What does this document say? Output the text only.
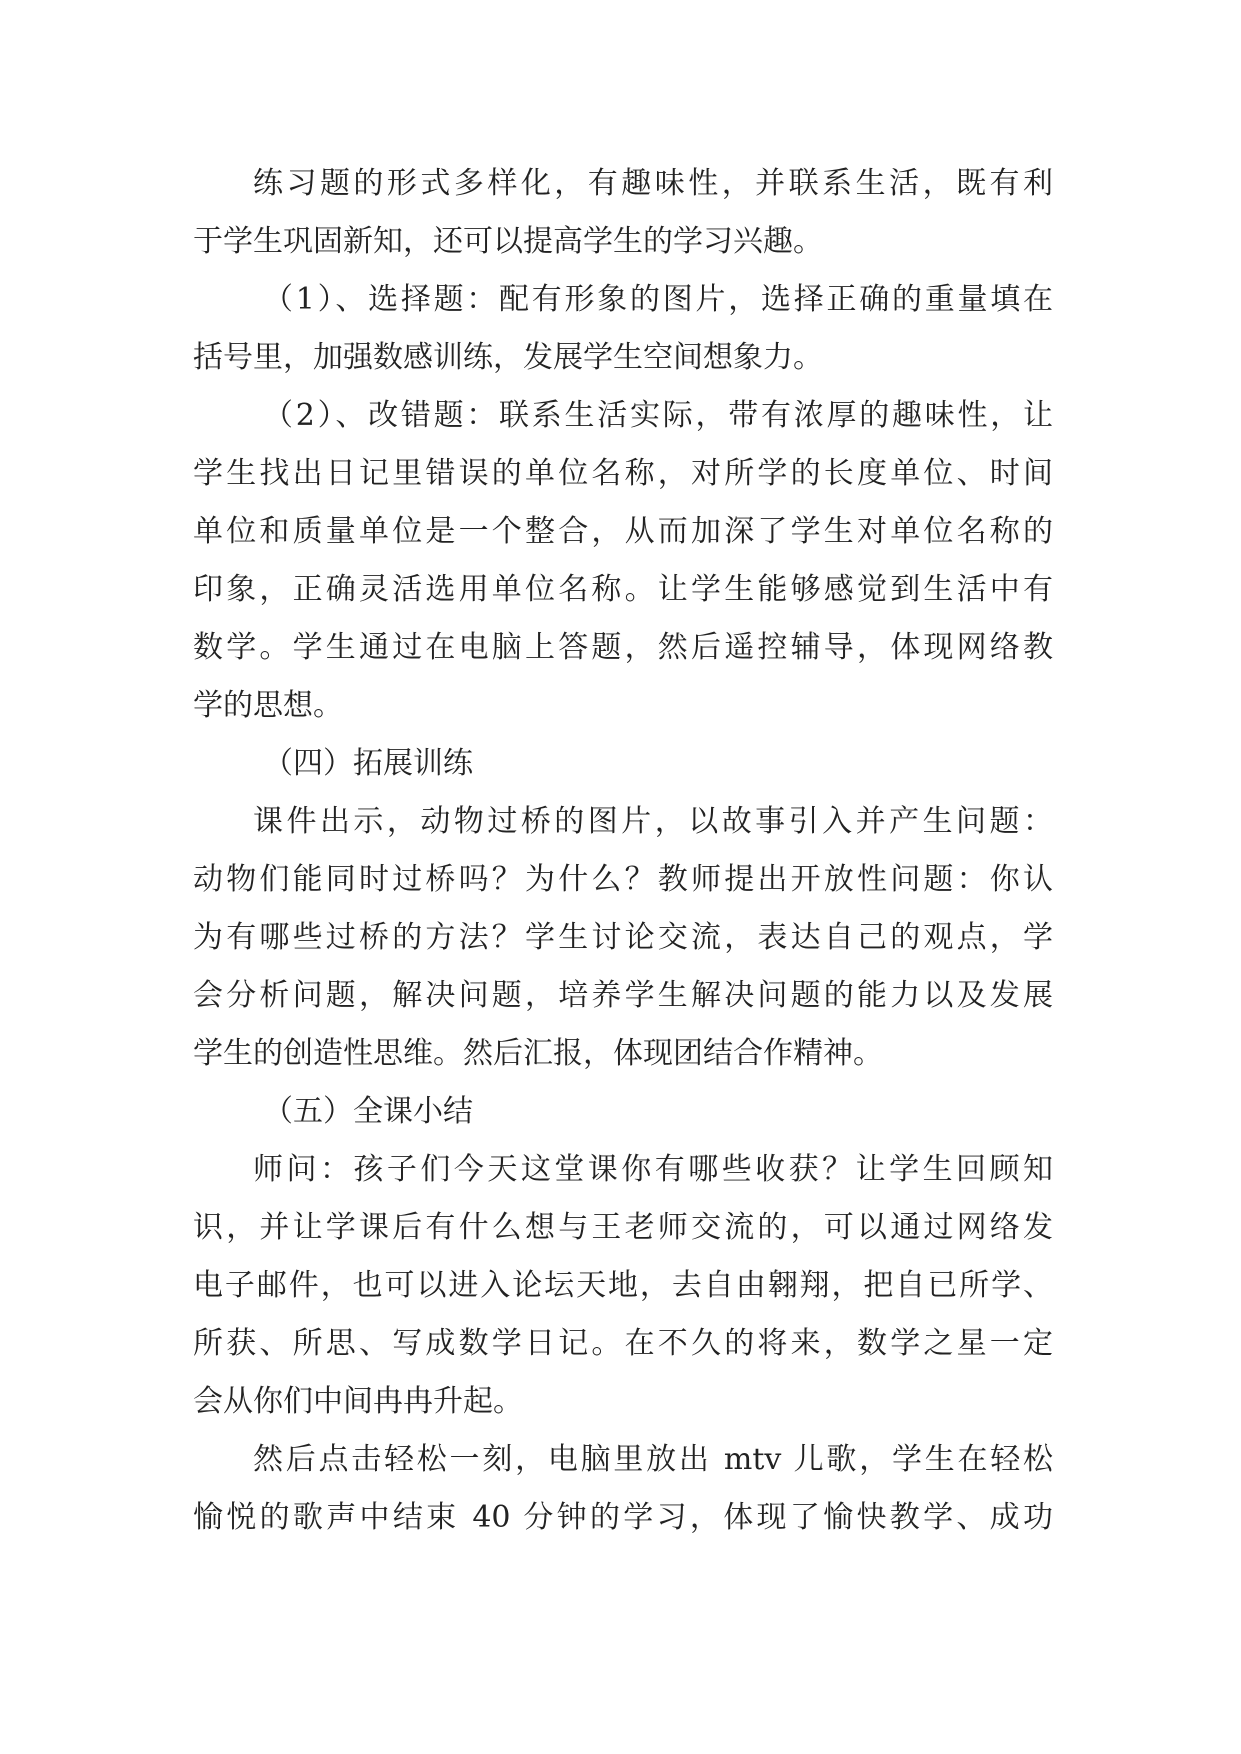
练习题的形式多样化，有趣味性，并联系生活，既有利
于学生巩固新知，还可以提高学生的学习兴趣。
（1）、选择题：配有形象的图片，选择正确的重量填在
括号里，加强数感训练，发展学生空间想象力。
（2）、改错题：联系生活实际，带有浓厚的趣味性，让
学生找出日记里错误的单位名称，对所学的长度单位、时间
单位和质量单位是一个整合，从而加深了学生对单位名称的
印象，正确灵活选用单位名称。让学生能够感觉到生活中有
数学。学生通过在电脑上答题，然后遥控辅导，体现网络教
学的思想。
（四）拓展训练
课件出示，动物过桥的图片，以故事引入并产生问题：
动物们能同时过桥吗？为什么？教师提出开放性问题：你认
为有哪些过桥的方法？学生讨论交流，表达自己的观点，学
会分析问题，解决问题，培养学生解决问题的能力以及发展
学生的创造性思维。然后汇报，体现团结合作精神。
（五）全课小结
师问：孩子们今天这堂课你有哪些收获？让学生回顾知
识，并让学课后有什么想与王老师交流的，可以通过网络发
电子邮件，也可以进入论坛天地，去自由翱翔，把自已所学、
所获、所思、写成数学日记。在不久的将来，数学之星一定
会从你们中间冉冉升起。
然后点击轻松一刻，电脑里放出 mtv 儿歌，学生在轻松
愉悦的歌声中结束 40 分钟的学习，体现了愉快教学、成功
